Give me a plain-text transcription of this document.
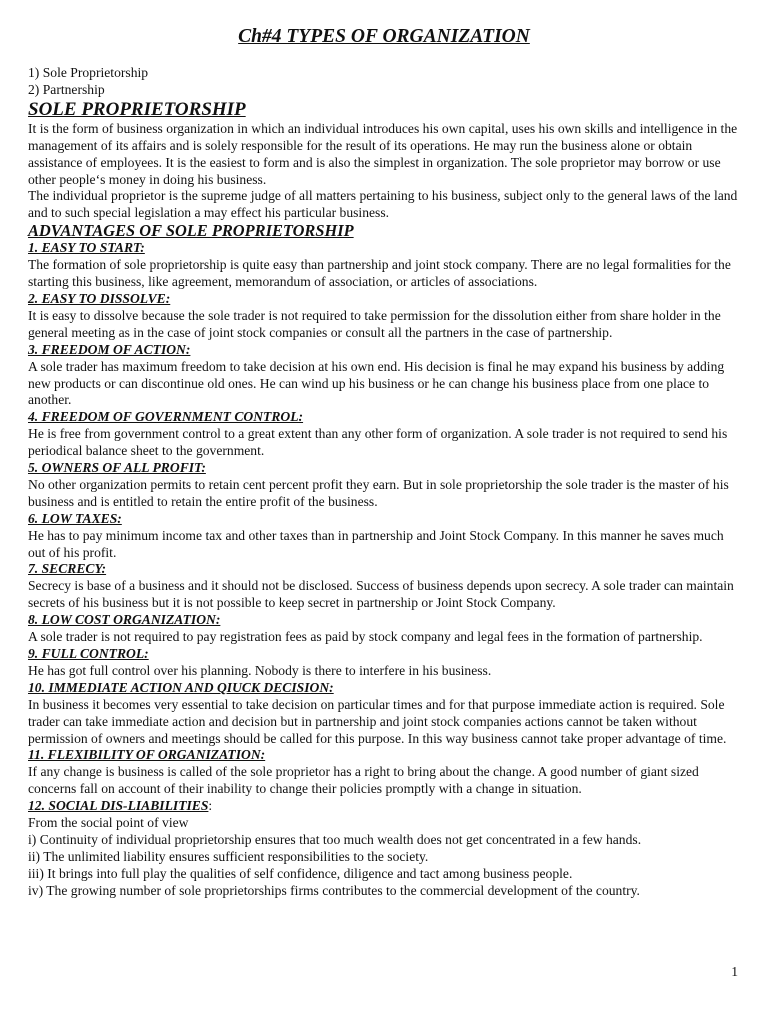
Ch#4 TYPES OF ORGANIZATION
1) Sole Proprietorship
2) Partnership
SOLE PROPRIETORSHIP
It is the form of business organization in which an individual introduces his own capital, uses his own skills and intelligence in the management of its affairs and is solely responsible for the result of its operations. He may run the business alone or obtain assistance of employees. It is the easiest to form and is also the simplest in organization. The sole proprietor may borrow or use other people‘s money in doing his business.
The individual proprietor is the supreme judge of all matters pertaining to his business, subject only to the general laws of the land and to such special legislation a may effect his particular business.
ADVANTAGES OF SOLE PROPRIETORSHIP
1. EASY TO START:
The formation of sole proprietorship is quite easy than partnership and joint stock company. There are no legal formalities for the starting this business, like agreement, memorandum of association, or articles of associations.
2. EASY TO DISSOLVE:
It is easy to dissolve because the sole trader is not required to take permission for the dissolution either from share holder in the general meeting as in the case of joint stock companies or consult all the partners in the case of partnership.
3. FREEDOM OF ACTION:
A sole trader has maximum freedom to take decision at his own end. His decision is final he may expand his business by adding new products or can discontinue old ones. He can wind up his business or he can change his business place from one place to another.
4. FREEDOM OF GOVERNMENT CONTROL:
He is free from government control to a great extent than any other form of organization. A sole trader is not required to send his periodical balance sheet to the government.
5. OWNERS OF ALL PROFIT:
No other organization permits to retain cent percent profit they earn. But in sole proprietorship the sole trader is the master of his business and is entitled to retain the entire profit of the business.
6. LOW TAXES:
He has to pay minimum income tax and other taxes than in partnership and Joint Stock Company. In this manner he saves much out of his profit.
7. SECRECY:
Secrecy is base of a business and it should not be disclosed. Success of business depends upon secrecy. A sole trader can maintain secrets of his business but it is not possible to keep secret in partnership or Joint Stock Company.
8. LOW COST ORGANIZATION:
A sole trader is not required to pay registration fees as paid by stock company and legal fees in the formation of partnership.
9. FULL CONTROL:
He has got full control over his planning. Nobody is there to interfere in his business.
10. IMMEDIATE ACTION AND QIUCK DECISION:
In business it becomes very essential to take decision on particular times and for that purpose immediate action is required. Sole trader can take immediate action and decision but in partnership and joint stock companies actions cannot be taken without permission of owners and meetings should be called for this purpose. In this way business cannot take proper advantage of time.
11. FLEXIBILITY OF ORGANIZATION:
If any change is business is called of the sole proprietor has a right to bring about the change. A good number of giant sized concerns fall on account of their inability to change their policies promptly with a change in situation.
12. SOCIAL DIS-LIABILITIES:
From the social point of view
i) Continuity of individual proprietorship ensures that too much wealth does not get concentrated in a few hands.
ii) The unlimited liability ensures sufficient responsibilities to the society.
iii) It brings into full play the qualities of self confidence, diligence and tact among business people.
iv) The growing number of sole proprietorships firms contributes to the commercial development of the country.
1
